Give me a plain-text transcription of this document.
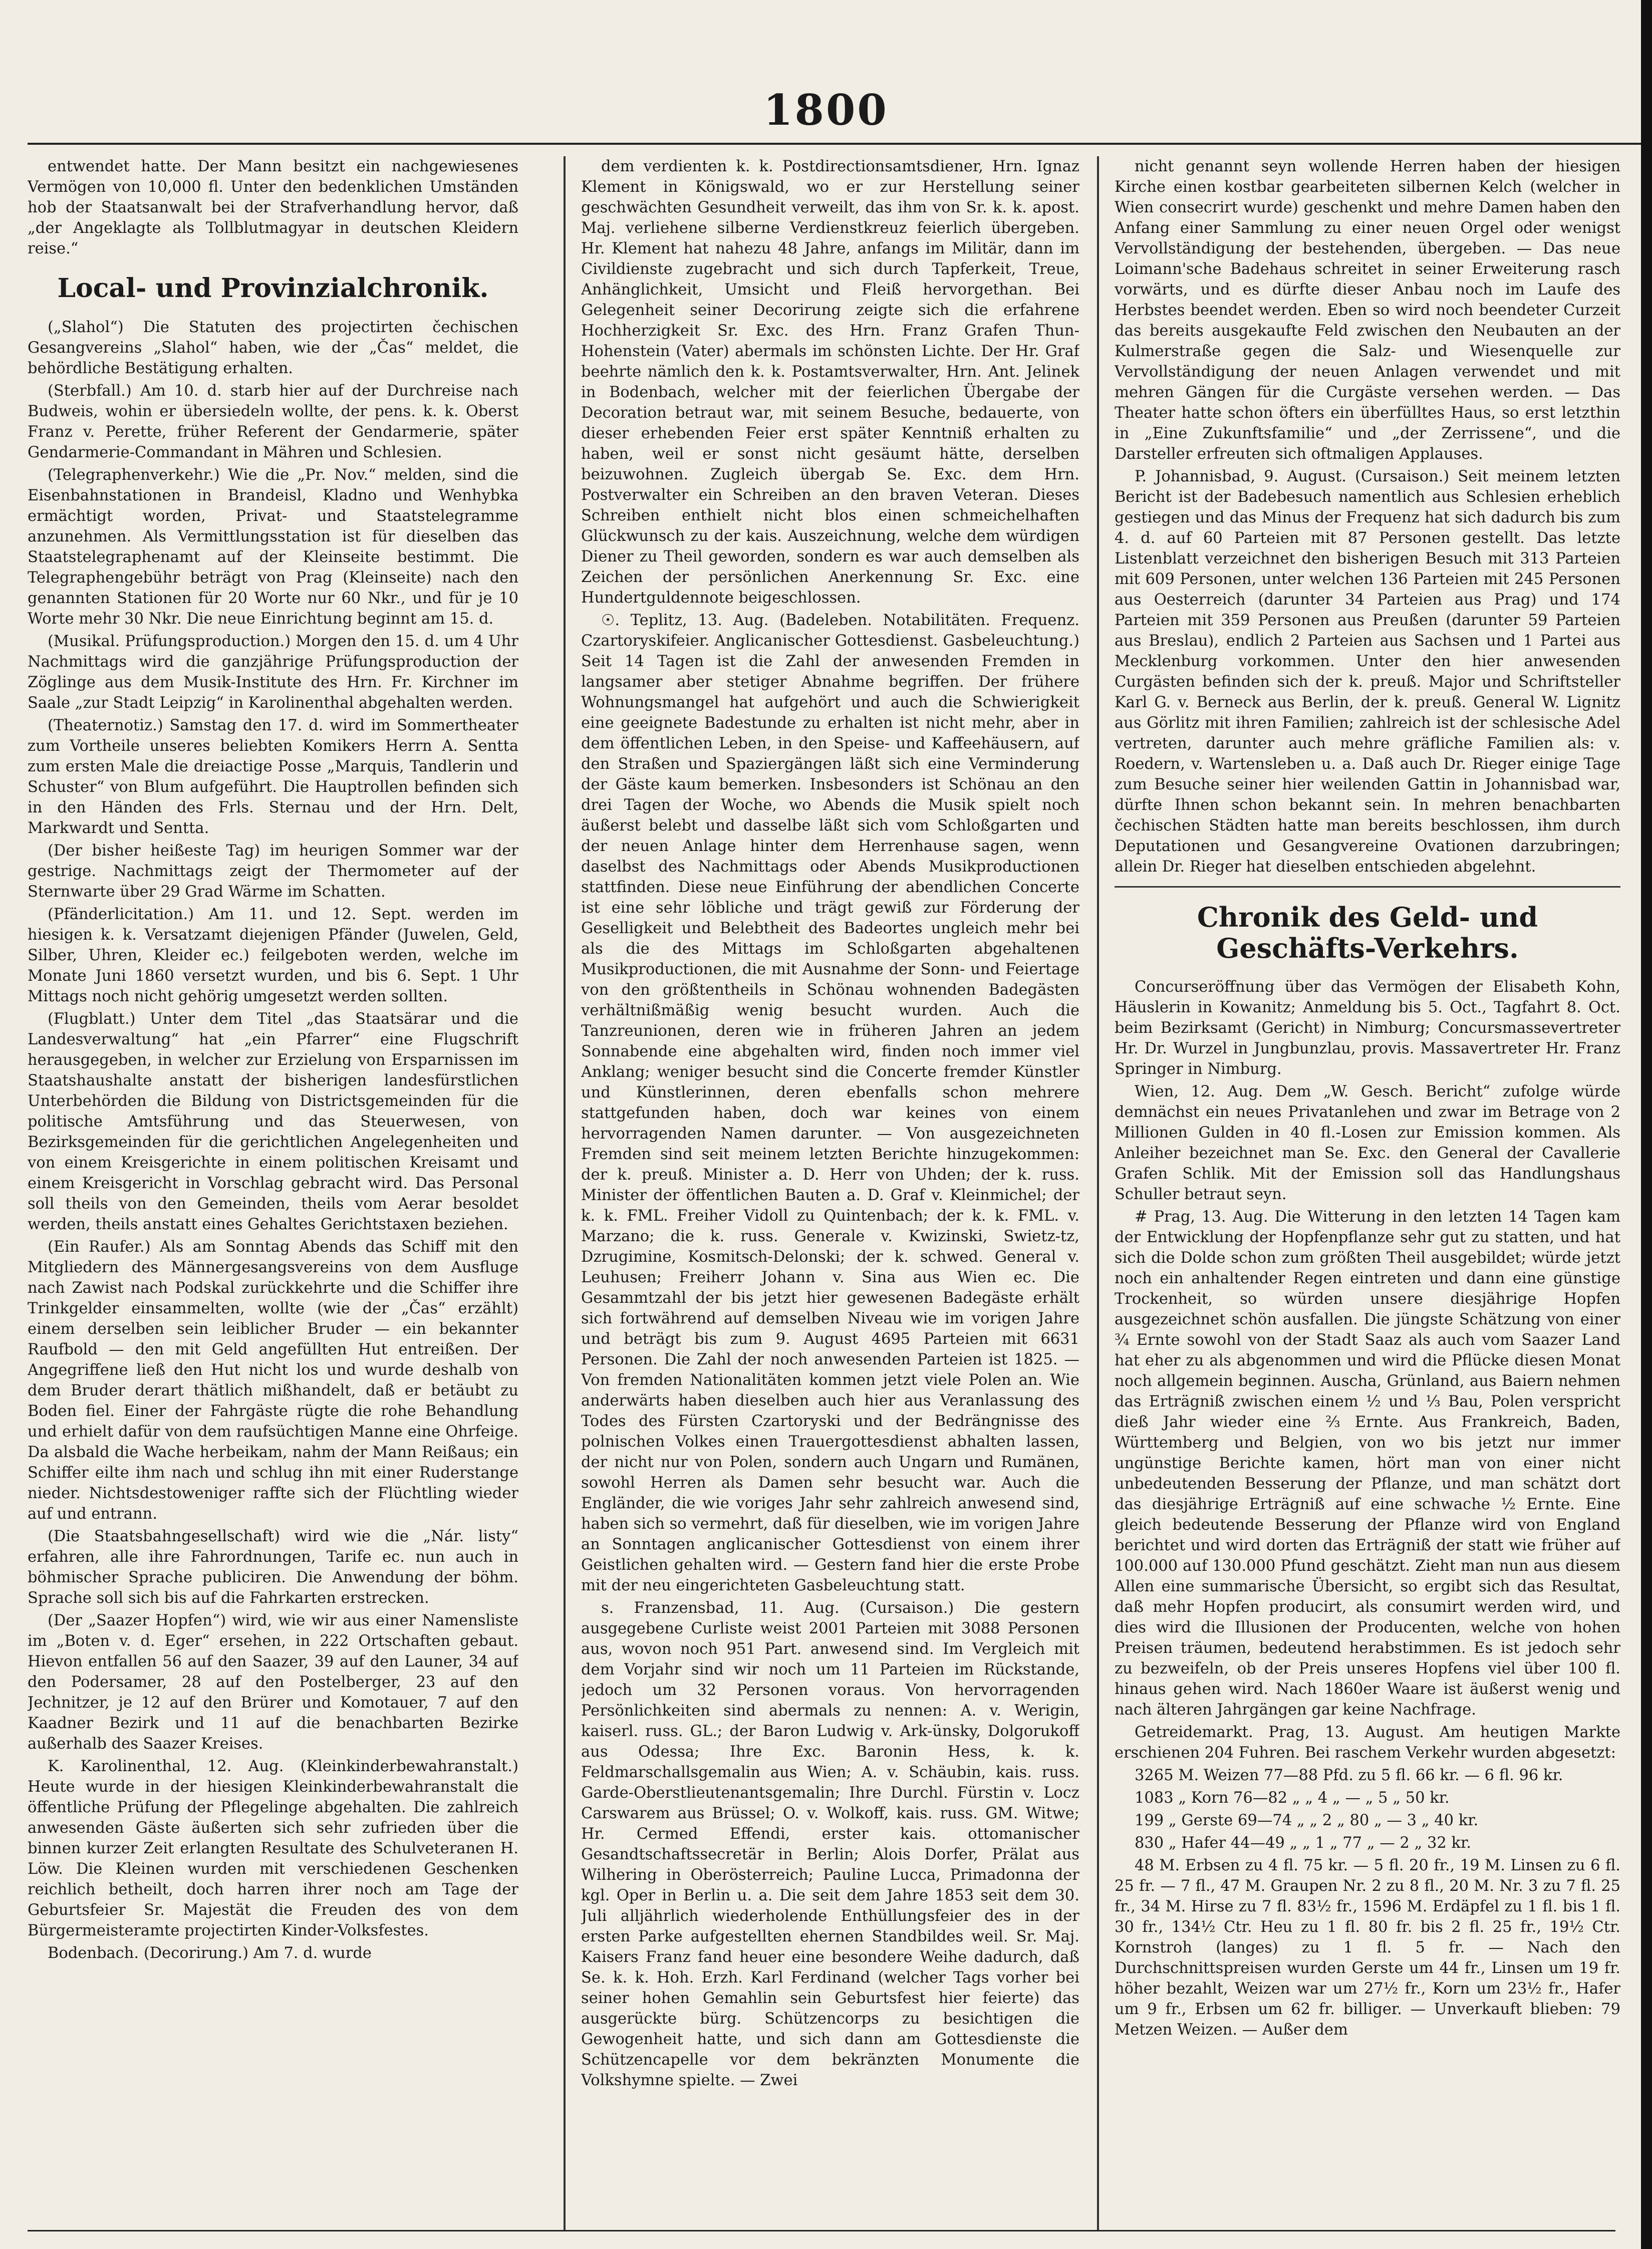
1800

entwendet hatte. Der Mann besitzt ein nachgewiesenes Vermögen von 10,000 fl. Unter den bedenklichen Umständen hob der Staatsanwalt bei der Strafverhandlung hervor, daß „der Angeklagte als Tollblutmagyar in deutschen Kleidern reise.“

Local- und Provinzialchronik.

(„Slahol“) Die Statuten des projectirten čechischen Gesangvereins „Slahol“ haben, wie der „Čas“ meldet, die behördliche Bestätigung erhalten.

(Sterbfall.) Am 10. d. starb hier auf der Durchreise nach Budweis, wohin er übersiedeln wollte, der pens. k. k. Oberst Franz v. Perette, früher Referent der Gendarmerie, später Gendarmerie-Commandant in Mähren und Schlesien.

(Telegraphenverkehr.) Wie die „Pr. Nov.“ melden, sind die Eisenbahnstationen in Brandeisl, Kladno und Wenhybka ermächtigt worden, Privat- und Staatstelegramme anzunehmen. Als Vermittlungsstation ist für dieselben das Staatstelegraphenamt auf der Kleinseite bestimmt. Die Telegraphengebühr beträgt von Prag (Kleinseite) nach den genannten Stationen für 20 Worte nur 60 Nkr., und für je 10 Worte mehr 30 Nkr. Die neue Einrichtung beginnt am 15. d.

(Musikal. Prüfungsproduction.) Morgen den 15. d. um 4 Uhr Nachmittags wird die ganzjährige Prüfungsproduction der Zöglinge aus dem Musik-Institute des Hrn. Fr. Kirchner im Saale „zur Stadt Leipzig“ in Karolinenthal abgehalten werden.

(Theaternotiz.) Samstag den 17. d. wird im Sommertheater zum Vortheile unseres beliebten Komikers Herrn A. Sentta zum ersten Male die dreiactige Posse „Marquis, Tandlerin und Schuster“ von Blum aufgeführt. Die Hauptrollen befinden sich in den Händen des Frls. Sternau und der Hrn. Delt, Markwardt und Sentta.

(Der bisher heißeste Tag) im heurigen Sommer war der gestrige. Nachmittags zeigt der Thermometer auf der Sternwarte über 29 Grad Wärme im Schatten.

(Pfänderlicitation.) Am 11. und 12. Sept. werden im hiesigen k. k. Versatzamt diejenigen Pfänder (Juwelen, Geld, Silber, Uhren, Kleider ec.) feilgeboten werden, welche im Monate Juni 1860 versetzt wurden, und bis 6. Sept. 1 Uhr Mittags noch nicht gehörig umgesetzt werden sollten.

(Flugblatt.) Unter dem Titel „das Staatsärar und die Landesverwaltung“ hat „ein Pfarrer“ eine Flugschrift herausgegeben, in welcher zur Erzielung von Ersparnissen im Staatshaushalte anstatt der bisherigen landesfürstlichen Unterbehörden die Bildung von Districtsgemeinden für die politische Amtsführung und das Steuerwesen, von Bezirksgemeinden für die gerichtlichen Angelegenheiten und von einem Kreisgerichte in einem politischen Kreisamt und einem Kreisgericht in Vorschlag gebracht wird. Das Personal soll theils von den Gemeinden, theils vom Aerar besoldet werden, theils anstatt eines Gehaltes Gerichtstaxen beziehen.

(Ein Raufer.) Als am Sonntag Abends das Schiff mit den Mitgliedern des Männergesangsvereins von dem Ausfluge nach Zawist nach Podskal zurückkehrte und die Schiffer ihre Trinkgelder einsammelten, wollte (wie der „Čas“ erzählt) einem derselben sein leiblicher Bruder — ein bekannter Raufbold — den mit Geld angefüllten Hut entreißen. Der Angegriffene ließ den Hut nicht los und wurde deshalb von dem Bruder derart thätlich mißhandelt, daß er betäubt zu Boden fiel. Einer der Fahrgäste rügte die rohe Behandlung und erhielt dafür von dem raufsüchtigen Manne eine Ohrfeige. Da alsbald die Wache herbeikam, nahm der Mann Reißaus; ein Schiffer eilte ihm nach und schlug ihn mit einer Ruderstange nieder. Nichtsdestoweniger raffte sich der Flüchtling wieder auf und entrann.

(Die Staatsbahngesellschaft) wird wie die „Nár. listy“ erfahren, alle ihre Fahrordnungen, Tarife ec. nun auch in böhmischer Sprache publiciren. Die Anwendung der böhm. Sprache soll sich bis auf die Fahrkarten erstrecken.

(Der „Saazer Hopfen“) wird, wie wir aus einer Namensliste im „Boten v. d. Eger“ ersehen, in 222 Ortschaften gebaut. Hievon entfallen 56 auf den Saazer, 39 auf den Launer, 34 auf den Podersamer, 28 auf den Postelberger, 23 auf den Jechnitzer, je 12 auf den Brürer und Komotauer, 7 auf den Kaadner Bezirk und 11 auf die benachbarten Bezirke außerhalb des Saazer Kreises.

K. Karolinenthal, 12. Aug. (Kleinkinderbewahranstalt.) Heute wurde in der hiesigen Kleinkinderbewahranstalt die öffentliche Prüfung der Pflegelinge abgehalten. Die zahlreich anwesenden Gäste äußerten sich sehr zufrieden über die binnen kurzer Zeit erlangten Resultate des Schulveteranen H. Löw. Die Kleinen wurden mit verschiedenen Geschenken reichlich betheilt, doch harren ihrer noch am Tage der Geburtsfeier Sr. Majestät die Freuden des von dem Bürgermeisteramte projectirten Kinder-Volksfestes.

Bodenbach. (Decorirung.) Am 7. d. wurde

dem verdienten k. k. Postdirectionsamtsdiener, Hrn. Ignaz Klement in Königswald, wo er zur Herstellung seiner geschwächten Gesundheit verweilt, das ihm von Sr. k. k. apost. Maj. verliehene silberne Verdienstkreuz feierlich übergeben. Hr. Klement hat nahezu 48 Jahre, anfangs im Militär, dann im Civildienste zugebracht und sich durch Tapferkeit, Treue, Anhänglichkeit, Umsicht und Fleiß hervorgethan. Bei Gelegenheit seiner Decorirung zeigte sich die erfahrene Hochherzigkeit Sr. Exc. des Hrn. Franz Grafen Thun-Hohenstein (Vater) abermals im schönsten Lichte. Der Hr. Graf beehrte nämlich den k. k. Postamtsverwalter, Hrn. Ant. Jelinek in Bodenbach, welcher mit der feierlichen Übergabe der Decoration betraut war, mit seinem Besuche, bedauerte, von dieser erhebenden Feier erst später Kenntniß erhalten zu haben, weil er sonst nicht gesäumt hätte, derselben beizuwohnen. Zugleich übergab Se. Exc. dem Hrn. Postverwalter ein Schreiben an den braven Veteran. Dieses Schreiben enthielt nicht blos einen schmeichelhaften Glückwunsch zu der kais. Auszeichnung, welche dem würdigen Diener zu Theil geworden, sondern es war auch demselben als Zeichen der persönlichen Anerkennung Sr. Exc. eine Hundertguldennote beigeschlossen.

☉. Teplitz, 13. Aug. (Badeleben. Notabilitäten. Frequenz. Czartoryskifeier. Anglicanischer Gottesdienst. Gasbeleuchtung.) Seit 14 Tagen ist die Zahl der anwesenden Fremden in langsamer aber stetiger Abnahme begriffen. Der frühere Wohnungsmangel hat aufgehört und auch die Schwierigkeit eine geeignete Badestunde zu erhalten ist nicht mehr, aber in dem öffentlichen Leben, in den Speise- und Kaffeehäusern, auf den Straßen und Spaziergängen läßt sich eine Verminderung der Gäste kaum bemerken. Insbesonders ist Schönau an den drei Tagen der Woche, wo Abends die Musik spielt noch äußerst belebt und dasselbe läßt sich vom Schloßgarten und der neuen Anlage hinter dem Herrenhause sagen, wenn daselbst des Nachmittags oder Abends Musikproductionen stattfinden. Diese neue Einführung der abendlichen Concerte ist eine sehr löbliche und trägt gewiß zur Förderung der Geselligkeit und Belebtheit des Badeortes ungleich mehr bei als die des Mittags im Schloßgarten abgehaltenen Musikproductionen, die mit Ausnahme der Sonn- und Feiertage von den größtentheils in Schönau wohnenden Badegästen verhältnißmäßig wenig besucht wurden. Auch die Tanzreunionen, deren wie in früheren Jahren an jedem Sonnabende eine abgehalten wird, finden noch immer viel Anklang; weniger besucht sind die Concerte fremder Künstler und Künstlerinnen, deren ebenfalls schon mehrere stattgefunden haben, doch war keines von einem hervorragenden Namen darunter. — Von ausgezeichneten Fremden sind seit meinem letzten Berichte hinzugekommen: der k. preuß. Minister a. D. Herr von Uhden; der k. russ. Minister der öffentlichen Bauten a. D. Graf v. Kleinmichel; der k. k. FML. Freiher Vidoll zu Quintenbach; der k. k. FML. v. Marzano; die k. russ. Generale v. Kwizinski, Swietz-tz, Dzrugimine, Kosmitsch-Delonski; der k. schwed. General v. Leuhusen; Freiherr Johann v. Sina aus Wien ec. Die Gesammtzahl der bis jetzt hier gewesenen Badegäste erhält sich fortwährend auf demselben Niveau wie im vorigen Jahre und beträgt bis zum 9. August 4695 Parteien mit 6631 Personen. Die Zahl der noch anwesenden Parteien ist 1825. — Von fremden Nationalitäten kommen jetzt viele Polen an. Wie anderwärts haben dieselben auch hier aus Veranlassung des Todes des Fürsten Czartoryski und der Bedrängnisse des polnischen Volkes einen Trauergottesdienst abhalten lassen, der nicht nur von Polen, sondern auch Ungarn und Rumänen, sowohl Herren als Damen sehr besucht war. Auch die Engländer, die wie voriges Jahr sehr zahlreich anwesend sind, haben sich so vermehrt, daß für dieselben, wie im vorigen Jahre an Sonntagen anglicanischer Gottesdienst von einem ihrer Geistlichen gehalten wird. — Gestern fand hier die erste Probe mit der neu eingerichteten Gasbeleuchtung statt.

s. Franzensbad, 11. Aug. (Cursaison.) Die gestern ausgegebene Curliste weist 2001 Parteien mit 3088 Personen aus, wovon noch 951 Part. anwesend sind. Im Vergleich mit dem Vorjahr sind wir noch um 11 Parteien im Rückstande, jedoch um 32 Personen voraus. Von hervorragenden Persönlichkeiten sind abermals zu nennen: A. v. Werigin, kaiserl. russ. GL.; der Baron Ludwig v. Ark-ünsky, Dolgorukoff aus Odessa; Ihre Exc. Baronin Hess, k. k. Feldmarschallsgemalin aus Wien; A. v. Schäubin, kais. russ. Garde-Oberstlieutenantsgemalin; Ihre Durchl. Fürstin v. Locz Carswarem aus Brüssel; O. v. Wolkoff, kais. russ. GM. Witwe; Hr. Cermed Effendi, erster kais. ottomanischer Gesandtschaftssecretär in Berlin; Alois Dorfer, Prälat aus Wilhering in Oberösterreich; Pauline Lucca, Primadonna der kgl. Oper in Berlin u. a. Die seit dem Jahre 1853 seit dem 30. Juli alljährlich wiederholende Enthüllungsfeier des in der ersten Parke aufgestellten ehernen Standbildes weil. Sr. Maj. Kaisers Franz fand heuer eine besondere Weihe dadurch, daß Se. k. k. Hoh. Erzh. Karl Ferdinand (welcher Tags vorher bei seiner hohen Gemahlin sein Geburtsfest hier feierte) das ausgerückte bürg. Schützencorps zu besichtigen die Gewogenheit hatte, und sich dann am Gottesdienste die Schützencapelle vor dem bekränzten Monumente die Volkshymne spielte. — Zwei

nicht genannt seyn wollende Herren haben der hiesigen Kirche einen kostbar gearbeiteten silbernen Kelch (welcher in Wien consecrirt wurde) geschenkt und mehre Damen haben den Anfang einer Sammlung zu einer neuen Orgel oder wenigst Vervollständigung der bestehenden, übergeben. — Das neue Loimann'sche Badehaus schreitet in seiner Erweiterung rasch vorwärts, und es dürfte dieser Anbau noch im Laufe des Herbstes beendet werden. Eben so wird noch beendeter Curzeit das bereits ausgekaufte Feld zwischen den Neubauten an der Kulmerstraße gegen die Salz- und Wiesenquelle zur Vervollständigung der neuen Anlagen verwendet und mit mehren Gängen für die Curgäste versehen werden. — Das Theater hatte schon öfters ein überfülltes Haus, so erst letzthin in „Eine Zukunftsfamilie“ und „der Zerrissene“, und die Darsteller erfreuten sich oftmaligen Applauses.

P. Johannisbad, 9. August. (Cursaison.) Seit meinem letzten Bericht ist der Badebesuch namentlich aus Schlesien erheblich gestiegen und das Minus der Frequenz hat sich dadurch bis zum 4. d. auf 60 Parteien mit 87 Personen gestellt. Das letzte Listenblatt verzeichnet den bisherigen Besuch mit 313 Parteien mit 609 Personen, unter welchen 136 Parteien mit 245 Personen aus Oesterreich (darunter 34 Parteien aus Prag) und 174 Parteien mit 359 Personen aus Preußen (darunter 59 Parteien aus Breslau), endlich 2 Parteien aus Sachsen und 1 Partei aus Mecklenburg vorkommen. Unter den hier anwesenden Curgästen befinden sich der k. preuß. Major und Schriftsteller Karl G. v. Berneck aus Berlin, der k. preuß. General W. Lignitz aus Görlitz mit ihren Familien; zahlreich ist der schlesische Adel vertreten, darunter auch mehre gräfliche Familien als: v. Roedern, v. Wartensleben u. a. Daß auch Dr. Rieger einige Tage zum Besuche seiner hier weilenden Gattin in Johannisbad war, dürfte Ihnen schon bekannt sein. In mehren benachbarten čechischen Städten hatte man bereits beschlossen, ihm durch Deputationen und Gesangvereine Ovationen darzubringen; allein Dr. Rieger hat dieselben entschieden abgelehnt.

Chronik des Geld- und Geschäfts-Verkehrs.

Concurseröffnung über das Vermögen der Elisabeth Kohn, Häuslerin in Kowanitz; Anmeldung bis 5. Oct., Tagfahrt 8. Oct. beim Bezirksamt (Gericht) in Nimburg; Concursmassevertreter Hr. Dr. Wurzel in Jungbunzlau, provis. Massavertreter Hr. Franz Springer in Nimburg.

Wien, 12. Aug. Dem „W. Gesch. Bericht“ zufolge würde demnächst ein neues Privatanlehen und zwar im Betrage von 2 Millionen Gulden in 40 fl.-Losen zur Emission kommen. Als Anleiher bezeichnet man Se. Exc. den General der Cavallerie Grafen Schlik. Mit der Emission soll das Handlungshaus Schuller betraut seyn.

# Prag, 13. Aug. Die Witterung in den letzten 14 Tagen kam der Entwicklung der Hopfenpflanze sehr gut zu statten, und hat sich die Dolde schon zum größten Theil ausgebildet; würde jetzt noch ein anhaltender Regen eintreten und dann eine günstige Trockenheit, so würden unsere diesjährige Hopfen ausgezeichnet schön ausfallen. Die jüngste Schätzung von einer ¾ Ernte sowohl von der Stadt Saaz als auch vom Saazer Land hat eher zu als abgenommen und wird die Pflücke diesen Monat noch allgemein beginnen. Auscha, Grünland, aus Baiern nehmen das Erträgniß zwischen einem ½ und ⅓ Bau, Polen verspricht dieß Jahr wieder eine ⅔ Ernte. Aus Frankreich, Baden, Württemberg und Belgien, von wo bis jetzt nur immer ungünstige Berichte kamen, hört man von einer nicht unbedeutenden Besserung der Pflanze, und man schätzt dort das diesjährige Erträgniß auf eine schwache ½ Ernte. Eine gleich bedeutende Besserung der Pflanze wird von England berichtet und wird dorten das Erträgniß der statt wie früher auf 100.000 auf 130.000 Pfund geschätzt. Zieht man nun aus diesem Allen eine summarische Übersicht, so ergibt sich das Resultat, daß mehr Hopfen producirt, als consumirt werden wird, und dies wird die Illusionen der Producenten, welche von hohen Preisen träumen, bedeutend herabstimmen. Es ist jedoch sehr zu bezweifeln, ob der Preis unseres Hopfens viel über 100 fl. hinaus gehen wird. Nach 1860er Waare ist äußerst wenig und nach älteren Jahrgängen gar keine Nachfrage.

Getreidemarkt. Prag, 13. August. Am heutigen Markte erschienen 204 Fuhren. Bei raschem Verkehr wurden abgesetzt:

3265 M. Weizen 77—88 Pfd. zu 5 fl. 66 kr. — 6 fl. 96 kr.

1083 „ Korn 76—82 „ „ 4 „ — „ 5 „ 50 kr.

199 „ Gerste 69—74 „ „ 2 „ 80 „ — 3 „ 40 kr.

830 „ Hafer 44—49 „ „ 1 „ 77 „ — 2 „ 32 kr.

48 M. Erbsen zu 4 fl. 75 kr. — 5 fl. 20 fr., 19 M. Linsen zu 6 fl. 25 fr. — 7 fl., 47 M. Graupen Nr. 2 zu 8 fl., 20 M. Nr. 3 zu 7 fl. 25 fr., 34 M. Hirse zu 7 fl. 83½ fr., 1596 M. Erdäpfel zu 1 fl. bis 1 fl. 30 fr., 134½ Ctr. Heu zu 1 fl. 80 fr. bis 2 fl. 25 fr., 19½ Ctr. Kornstroh (langes) zu 1 fl. 5 fr. — Nach den Durchschnittspreisen wurden Gerste um 44 fr., Linsen um 19 fr. höher bezahlt, Weizen war um 27½ fr., Korn um 23½ fr., Hafer um 9 fr., Erbsen um 62 fr. billiger. — Unverkauft blieben: 79 Metzen Weizen. — Außer dem
